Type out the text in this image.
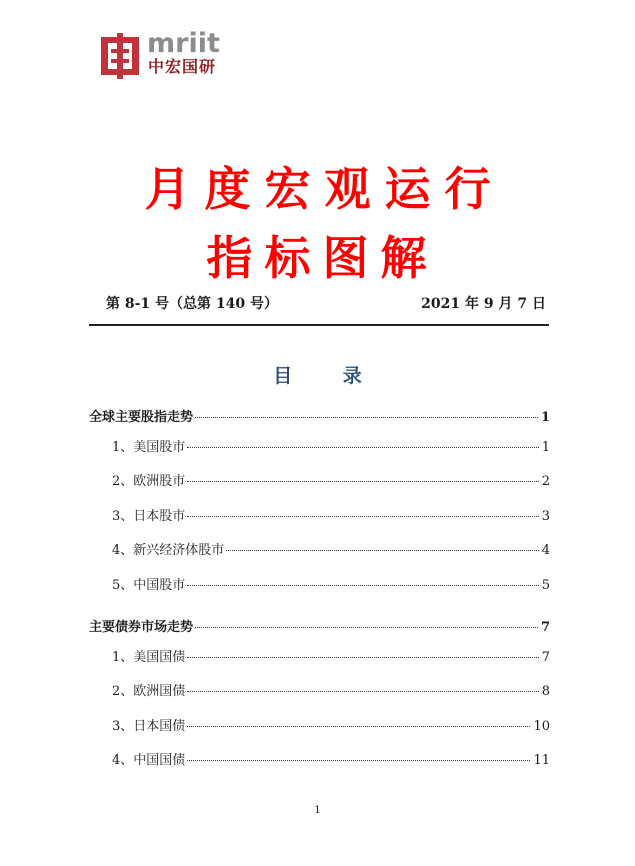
mriit
中宏国研
月度宏观运行
指标图解
第 8-1 号（总第 140 号）	2021 年 9 月 7 日
目 录
全球主要股指走势	1
1、美国股市	1
2、欧洲股市	2
3、日本股市	3
4、新兴经济体股市	4
5、中国股市	5
主要债券市场走势	7
1、美国国债	7
2、欧洲国债	8
3、日本国债	10
4、中国国债	11
1
